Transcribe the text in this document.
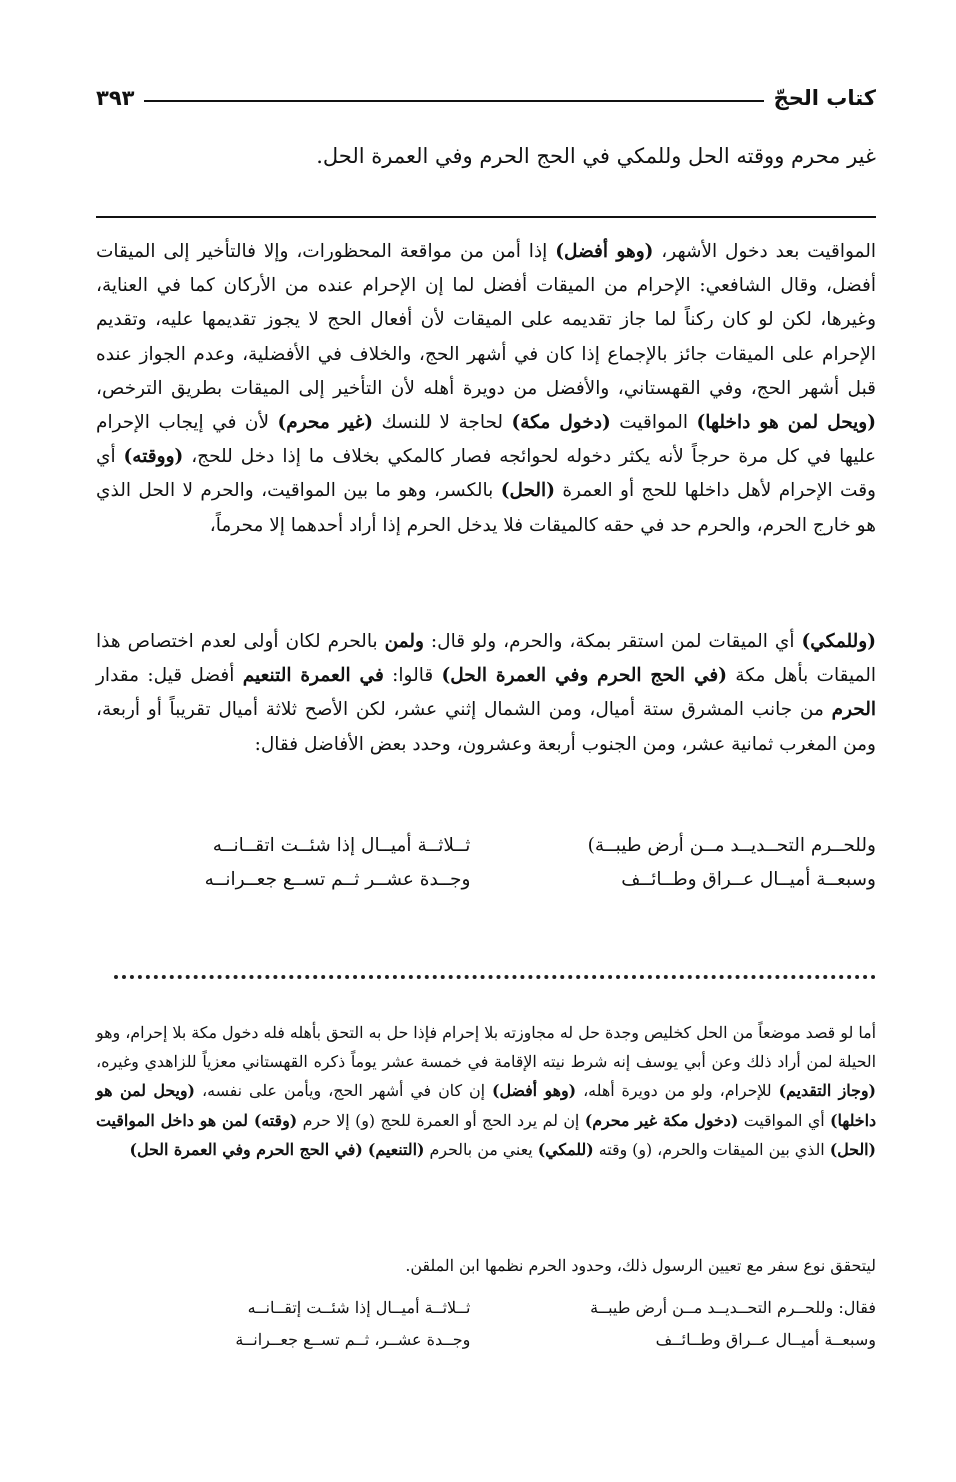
كتاب الحجّ
٣٩٣
غير محرم ووقته الحل وللمكي في الحج الحرم وفي العمرة الحل.

المواقيت بعد دخول الأشهر، (وهو أفضل) إذا أمن من مواقعة المحظورات، وإلا فالتأخير إلى الميقات أفضل، وقال الشافعي: الإحرام من الميقات أفضل لما إن الإحرام عنده من الأركان كما في العناية، وغيرها، لكن لو كان ركناً لما جاز تقديمه على الميقات لأن أفعال الحج لا يجوز تقديمها عليه، وتقديم الإحرام على الميقات جائز بالإجماع إذا كان في أشهر الحج، والخلاف في الأفضلية، وعدم الجواز عنده قبل أشهر الحج، وفي القهستاني، والأفضل من دويرة أهله لأن التأخير إلى الميقات بطريق الترخص، (ويحل لمن هو داخلها) المواقيت (دخول مكة) لحاجة لا للنسك (غير محرم) لأن في إيجاب الإحرام عليها في كل مرة حرجاً لأنه يكثر دخوله لحوائجه فصار كالمكي بخلاف ما إذا دخل للحج، (ووقته) أي وقت الإحرام لأهل داخلها للحج أو العمرة (الحل) بالكسر، وهو ما بين المواقيت، والحرم لا الحل الذي هو خارج الحرم، والحرم حد في حقه كالميقات فلا يدخل الحرم إذا أراد أحدهما إلا محرماً،

(وللمكي) أي الميقات لمن استقر بمكة، والحرم، ولو قال: ولمن بالحرم لكان أولى لعدم اختصاص هذا الميقات بأهل مكة (في الحج الحرم وفي العمرة الحل) قالوا: في العمرة التنعيم أفضل قيل: مقدار الحرم من جانب المشرق ستة أميال، ومن الشمال إثني عشر، لكن الأصح ثلاثة أميال تقريباً أو أربعة، ومن المغرب ثمانية عشر، ومن الجنوب أربعة وعشرون، وحدد بعض الأفاضل فقال:

وللحــرم التحــديــد مــن أرض طيبــة)
ثــلاثــة أميــال إذا شئــت اتقــانــه
وسبعــة أميــال عــراق وطــائــف
وجــدة عشــر ثــم تســع جعــرانــه

أما لو قصد موضعاً من الحل كخليص وجدة حل له مجاوزته بلا إحرام فإذا حل به التحق بأهله فله دخول مكة بلا إحرام، وهو الحيلة لمن أراد ذلك وعن أبي يوسف إنه شرط نيته الإقامة في خمسة عشر يوماً ذكره القهستاني معزياً للزاهدي وغيره، (وجاز التقديم) للإحرام، ولو من دويرة أهله، (وهو أفضل) إن كان في أشهر الحج، ويأمن على نفسه، (ويحل لمن هو داخلها) أي المواقيت (دخول مكة غير محرم) إن لم يرد الحج أو العمرة للحج (و) إلا حرم (وقته) لمن هو داخل المواقيت (الحل) الذي بين الميقات والحرم، (و) وقته (للمكي) يعني من بالحرم (التنعيم) (في الحج الحرم وفي العمرة الحل)

ليتحقق نوع سفر مع تعيين الرسول ذلك، وحدود الحرم نظمها ابن الملقن.

فقال: وللحــرم التحــديــد مــن أرض طيبــة
ثــلاثــة أميــال إذا شئــت إتقــانــه
وسبعــة أميــال عــراق وطــائــف
وجــدة عشــر، ثــم تســع جعــرانــة
